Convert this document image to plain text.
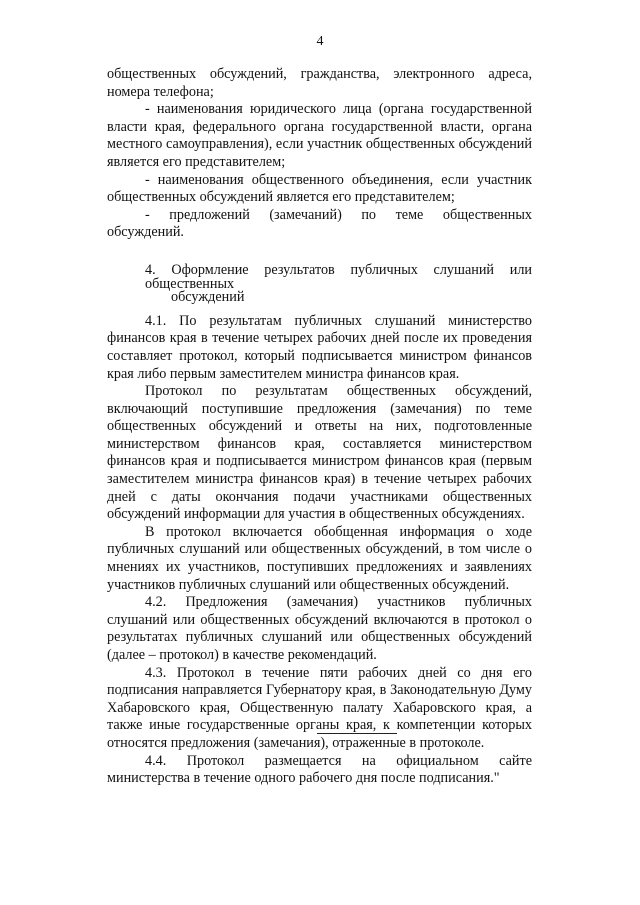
4

общественных обсуждений, гражданства, электронного адреса, номера телефона;

- наименования юридического лица (органа государственной власти края, федерального органа государственной власти, органа местного самоуправления), если участник общественных обсуждений является его представителем;

- наименования общественного объединения, если участник общественных обсуждений является его представителем;

- предложений (замечаний) по теме общественных обсуждений.

4. Оформление результатов публичных слушаний или общественных
обсуждений

4.1. По результатам публичных слушаний министерство финансов края в течение четырех рабочих дней после их проведения составляет протокол, который подписывается министром финансов края либо первым заместителем министра финансов края.

Протокол по результатам общественных обсуждений, включающий поступившие предложения (замечания) по теме общественных обсуждений и ответы на них, подготовленные министерством финансов края, составляется министерством финансов края и подписывается министром финансов края (первым заместителем министра финансов края) в течение четырех рабочих дней с даты окончания подачи участниками общественных обсуждений информации для участия в общественных обсуждениях.

В протокол включается обобщенная информация о ходе публичных слушаний или общественных обсуждений, в том числе о мнениях их участников, поступивших предложениях и заявлениях участников публичных слушаний или общественных обсуждений.

4.2. Предложения (замечания) участников публичных слушаний или общественных обсуждений включаются в протокол о результатах публичных слушаний или общественных обсуждений (далее – протокол) в качестве рекомендаций.

4.3. Протокол в течение пяти рабочих дней со дня его подписания направляется Губернатору края, в Законодательную Думу Хабаровского края, Общественную палату Хабаровского края, а также иные государственные органы края, к компетенции которых относятся предложения (замечания), отраженные в протоколе.

4.4. Протокол размещается на официальном сайте министерства в течение одного рабочего дня после подписания."
